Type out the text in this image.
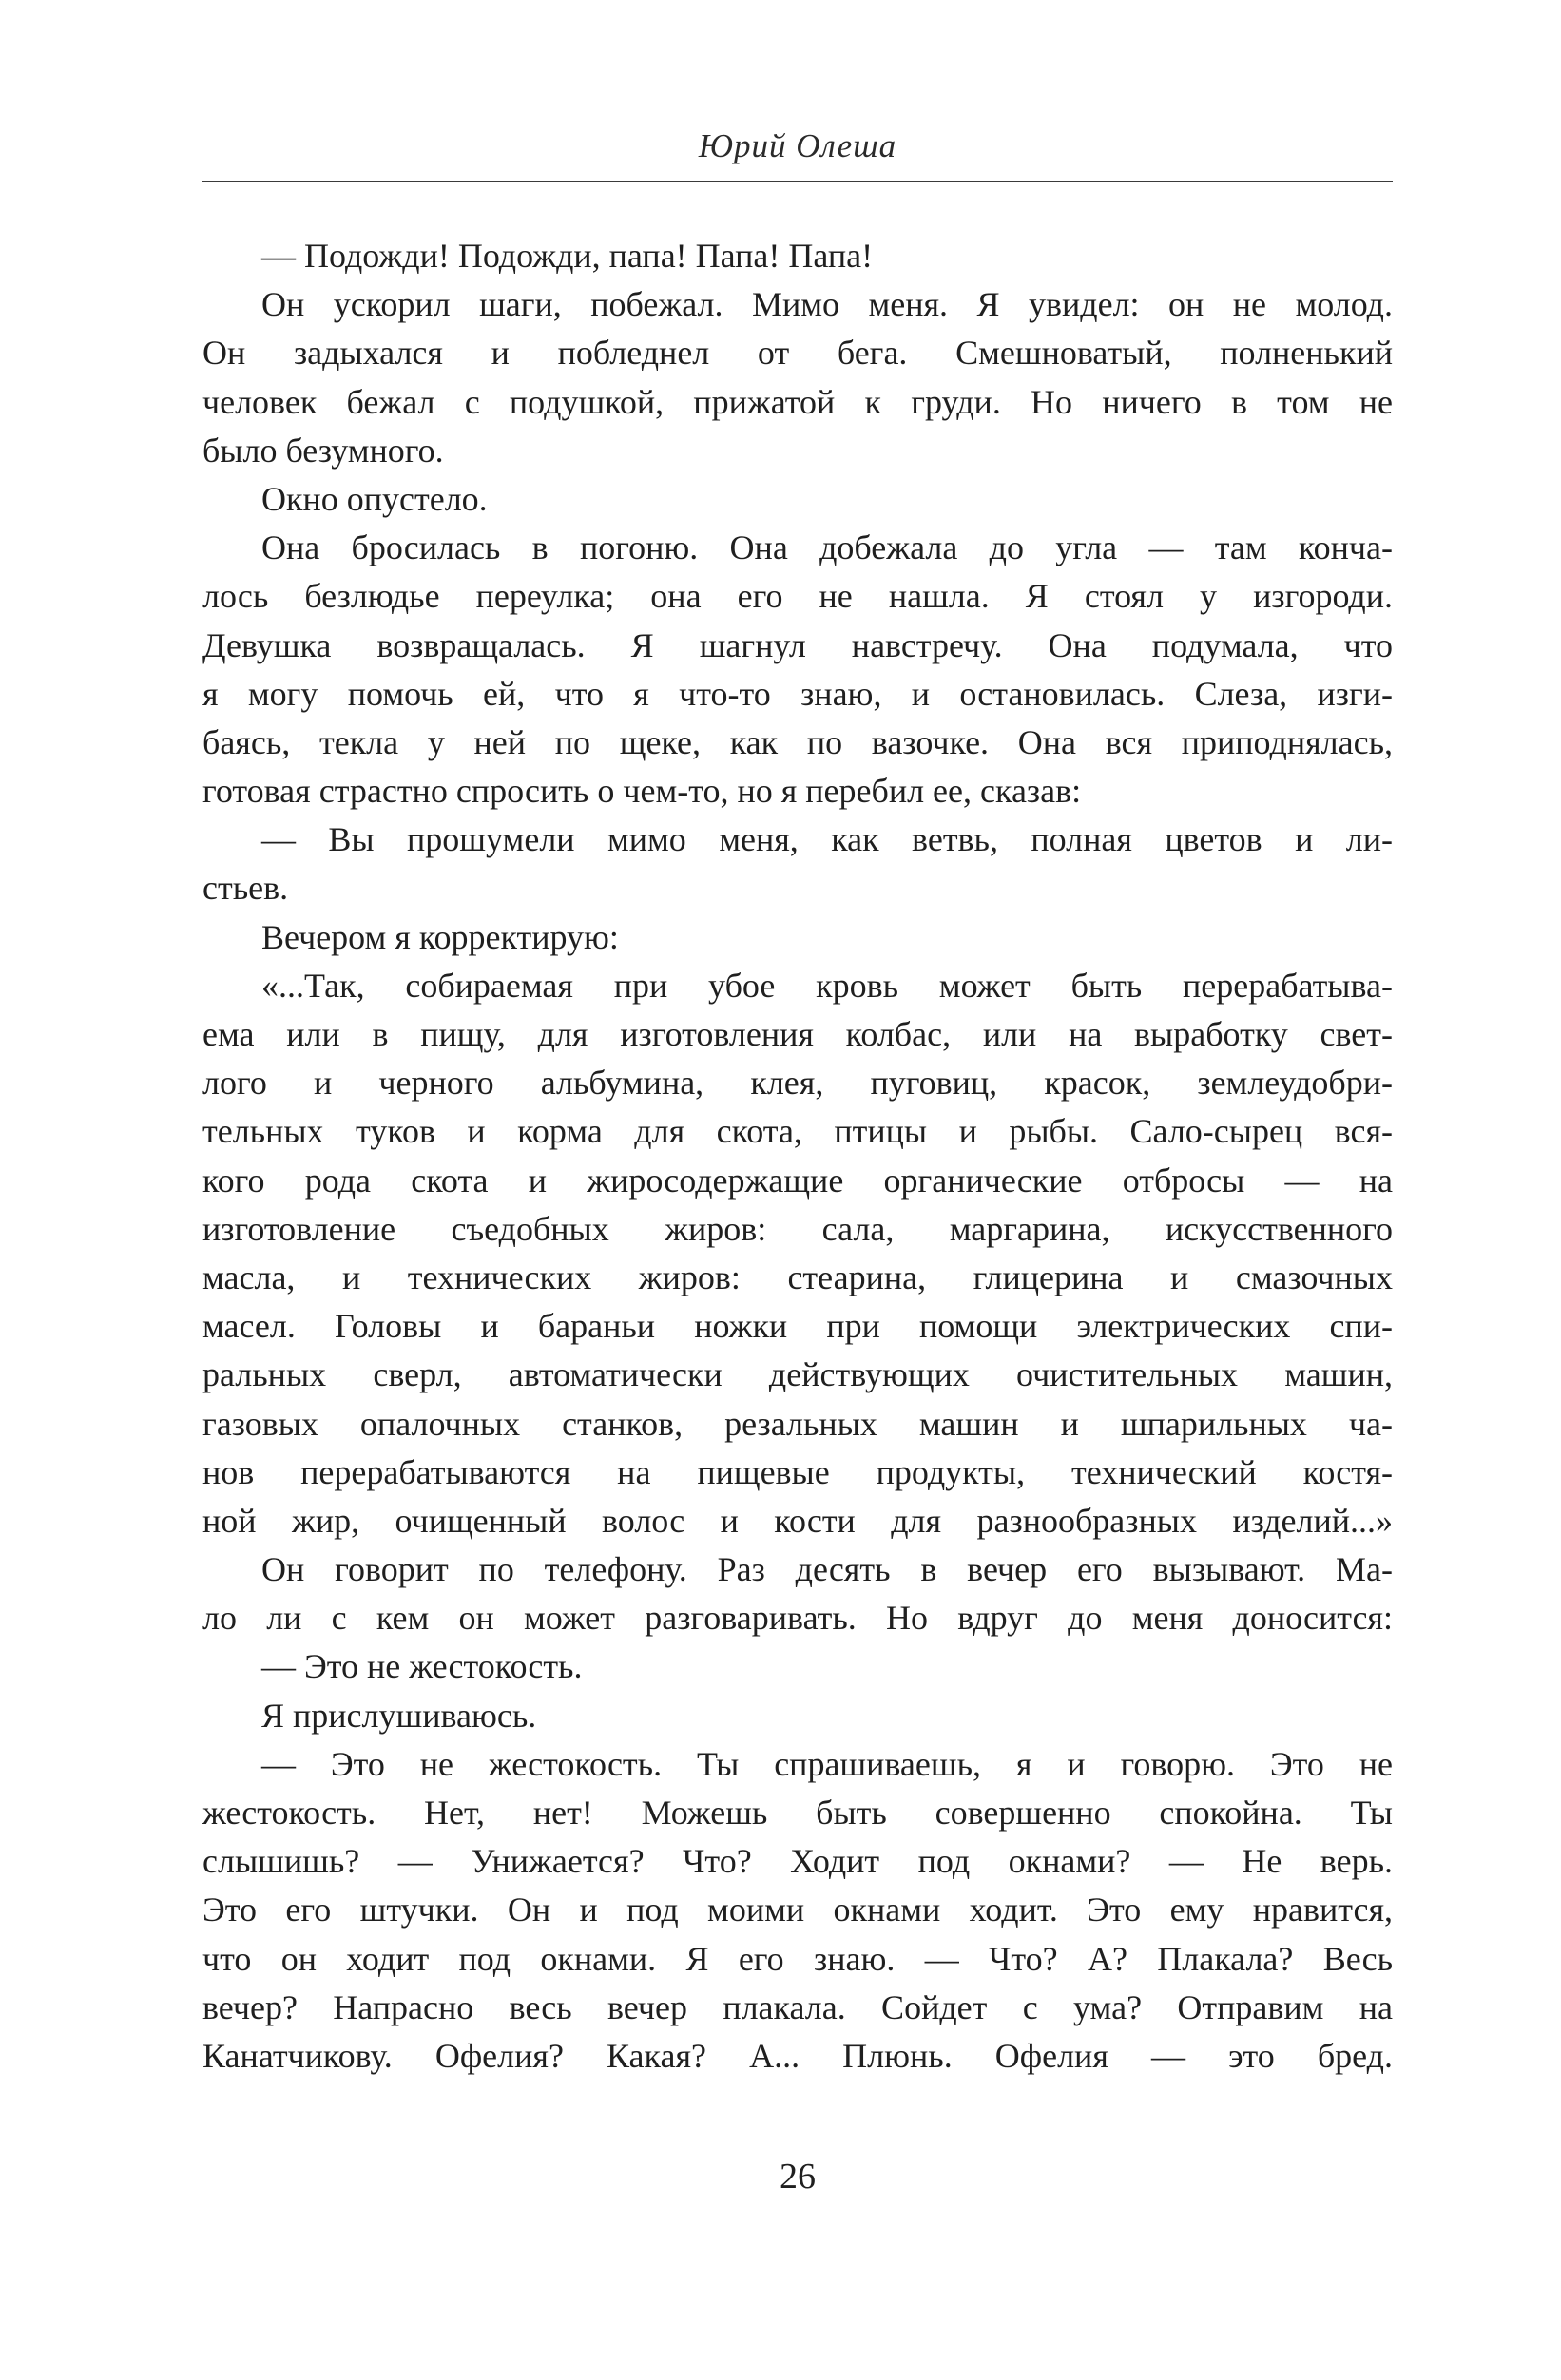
Юрий Олеша
— Подожди! Подожди, папа! Папа! Папа!
Он ускорил шаги, побежал. Мимо меня. Я увидел: он не молод.
Он задыхался и побледнел от бега. Смешноватый, полненький
человек бежал с подушкой, прижатой к груди. Но ничего в том не
было безумного.
Окно опустело.
Она бросилась в погоню. Она добежала до угла — там конча-
лось безлюдье переулка; она его не нашла. Я стоял у изгороди.
Девушка возвращалась. Я шагнул навстречу. Она подумала, что
я могу помочь ей, что я что-то знаю, и остановилась. Слеза, изги-
баясь, текла у ней по щеке, как по вазочке. Она вся приподнялась,
готовая страстно спросить о чем-то, но я перебил ее, сказав:
— Вы прошумели мимо меня, как ветвь, полная цветов и ли-
стьев.
Вечером я корректирую:
«...Так, собираемая при убое кровь может быть перерабатыва-
ема или в пищу, для изготовления колбас, или на выработку свет-
лого и черного альбумина, клея, пуговиц, красок, землеудобри-
тельных туков и корма для скота, птицы и рыбы. Сало-сырец вся-
кого рода скота и жиросодержащие органические отбросы — на
изготовление съедобных жиров: сала, маргарина, искусственного
масла, и технических жиров: стеарина, глицерина и смазочных
масел. Головы и бараньи ножки при помощи электрических спи-
ральных сверл, автоматически действующих очистительных машин,
газовых опалочных станков, резальных машин и шпарильных ча-
нов перерабатываются на пищевые продукты, технический костя-
ной жир, очищенный волос и кости для разнообразных изделий...»
Он говорит по телефону. Раз десять в вечер его вызывают. Ма-
ло ли с кем он может разговаривать. Но вдруг до меня доносится:
— Это не жестокость.
Я прислушиваюсь.
— Это не жестокость. Ты спрашиваешь, я и говорю. Это не
жестокость. Нет, нет! Можешь быть совершенно спокойна. Ты
слышишь? — Унижается? Что? Ходит под окнами? — Не верь.
Это его штучки. Он и под моими окнами ходит. Это ему нравится,
что он ходит под окнами. Я его знаю. — Что? А? Плакала? Весь
вечер? Напрасно весь вечер плакала. Сойдет с ума? Отправим на
Канатчикову. Офелия? Какая? А... Плюнь. Офелия — это бред.
26
